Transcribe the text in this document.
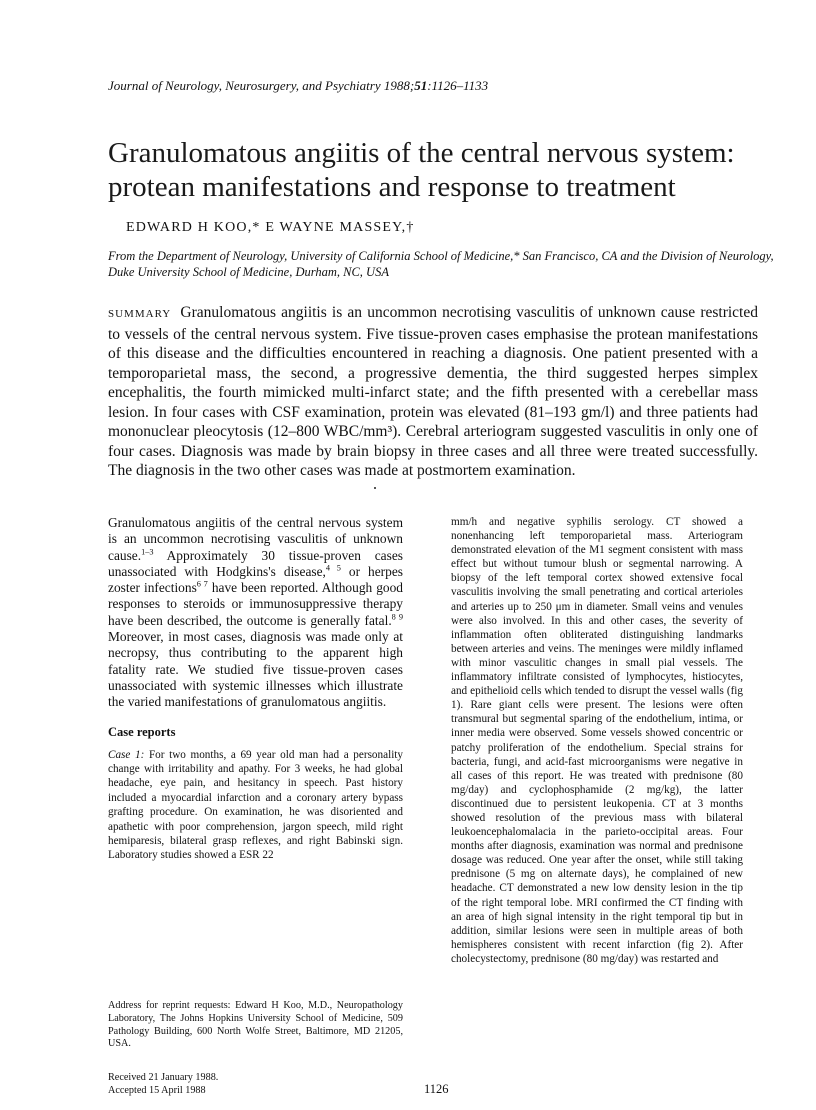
Journal of Neurology, Neurosurgery, and Psychiatry 1988;51:1126–1133
Granulomatous angiitis of the central nervous system: protean manifestations and response to treatment
EDWARD H KOO,* E WAYNE MASSEY,†
From the Department of Neurology, University of California School of Medicine,* San Francisco, CA and the Division of Neurology, Duke University School of Medicine, Durham, NC, USA
SUMMARY Granulomatous angiitis is an uncommon necrotising vasculitis of unknown cause restricted to vessels of the central nervous system. Five tissue-proven cases emphasise the protean manifestations of this disease and the difficulties encountered in reaching a diagnosis. One patient presented with a temporoparietal mass, the second, a progressive dementia, the third suggested herpes simplex encephalitis, the fourth mimicked multi-infarct state; and the fifth presented with a cerebellar mass lesion. In four cases with CSF examination, protein was elevated (81–193 gm/l) and three patients had mononuclear pleocytosis (12–800 WBC/mm³). Cerebral arteriogram suggested vasculitis in only one of four cases. Diagnosis was made by brain biopsy in three cases and all three were treated successfully. The diagnosis in the two other cases was made at postmortem examination.

Granulomatous angiitis of the central nervous system is an uncommon necrotising vasculitis of unknown cause.$^{1-3}$ Approximately 30 tissue-proven cases unassociated with Hodgkins's disease,$^{4 5}$ or herpes zoster infections$^{6 7}$ have been reported. Although good responses to steroids or immunosuppressive therapy have been described, the outcome is generally fatal.$^{8 9}$ Moreover, in most cases, diagnosis was made only at necropsy, thus contributing to the apparent high fatality rate. We studied five tissue-proven cases unassociated with systemic illnesses which illustrate the varied manifestations of granulomatous angiitis.

Case reports

Case 1: For two months, a 69 year old man had a personality change with irritability and apathy. For 3 weeks, he had global headache, eye pain, and hesitancy in speech. Past history included a myocardial infarction and a coronary artery bypass grafting procedure. On examination, he was disoriented and apathetic with poor comprehension, jargon speech, mild right hemiparesis, bilateral grasp reflexes, and right Babinski sign. Laboratory studies showed a ESR 22

mm/h and negative syphilis serology. CT showed a nonenhancing left temporoparietal mass. Arteriogram demonstrated elevation of the M1 segment consistent with mass effect but without tumour blush or segmental narrowing. A biopsy of the left temporal cortex showed extensive focal vasculitis involving the small penetrating and cortical arterioles and arteries up to 250 μm in diameter. Small veins and venules were also involved. In this and other cases, the severity of inflammation often obliterated distinguishing landmarks between arteries and veins. The meninges were mildly inflamed with minor vasculitic changes in small pial vessels. The inflammatory infiltrate consisted of lymphocytes, histiocytes, and epithelioid cells which tended to disrupt the vessel walls (fig 1). Rare giant cells were present. The lesions were often transmural but segmental sparing of the endothelium, intima, or inner media were observed. Some vessels showed concentric or patchy proliferation of the endothelium. Special strains for bacteria, fungi, and acid-fast microorganisms were negative in all cases of this report. He was treated with prednisone (80 mg/day) and cyclophosphamide (2 mg/kg), the latter discontinued due to persistent leukopenia. CT at 3 months showed resolution of the previous mass with bilateral leukoencephalomalacia in the parieto-occipital areas. Four months after diagnosis, examination was normal and prednisone dosage was reduced. One year after the onset, while still taking prednisone (5 mg on alternate days), he complained of new headache. CT demonstrated a new low density lesion in the tip of the right temporal lobe. MRI confirmed the CT finding with an area of high signal intensity in the right temporal tip but in addition, similar lesions were seen in multiple areas of both hemispheres consistent with recent infarction (fig 2). After cholecystectomy, prednisone (80 mg/day) was restarted and

Address for reprint requests: Edward H Koo, M.D., Neuropathology Laboratory, The Johns Hopkins University School of Medicine, 509 Pathology Building, 600 North Wolfe Street, Baltimore, MD 21205, USA.
Received 21 January 1988.
Accepted 15 April 1988	1126
